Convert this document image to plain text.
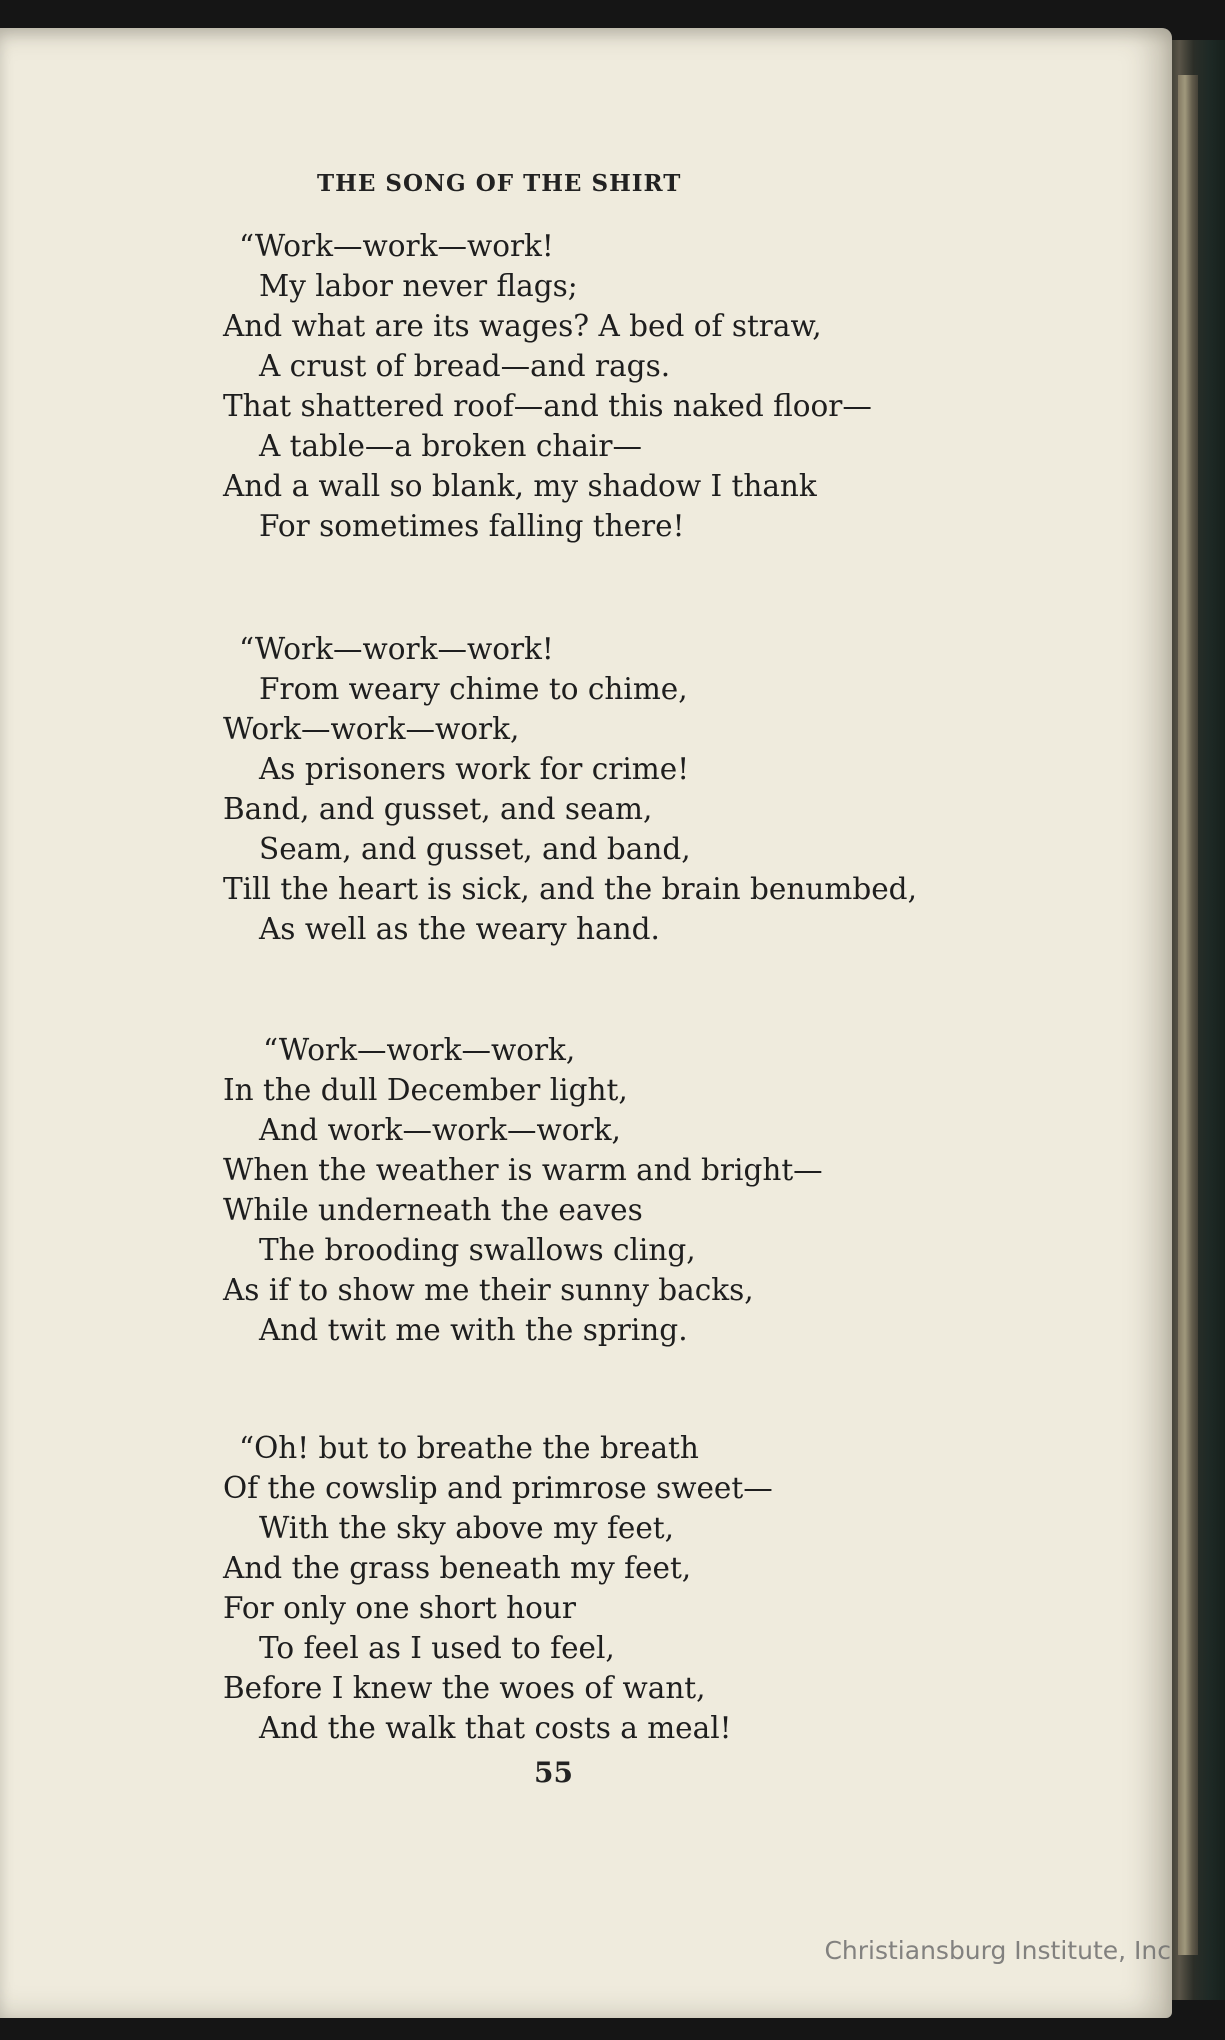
THE SONG OF THE SHIRT
“Work—work—work!
My labor never flags;
And what are its wages? A bed of straw,
A crust of bread—and rags.
That shattered roof—and this naked floor—
A table—a broken chair—
And a wall so blank, my shadow I thank
For sometimes falling there!
“Work—work—work!
From weary chime to chime,
Work—work—work,
As prisoners work for crime!
Band, and gusset, and seam,
Seam, and gusset, and band,
Till the heart is sick, and the brain benumbed,
As well as the weary hand.
“Work—work—work,
In the dull December light,
And work—work—work,
When the weather is warm and bright—
While underneath the eaves
The brooding swallows cling,
As if to show me their sunny backs,
And twit me with the spring.
“Oh! but to breathe the breath
Of the cowslip and primrose sweet—
With the sky above my feet,
And the grass beneath my feet,
For only one short hour
To feel as I used to feel,
Before I knew the woes of want,
And the walk that costs a meal!

55

Christiansburg Institute, Inc
